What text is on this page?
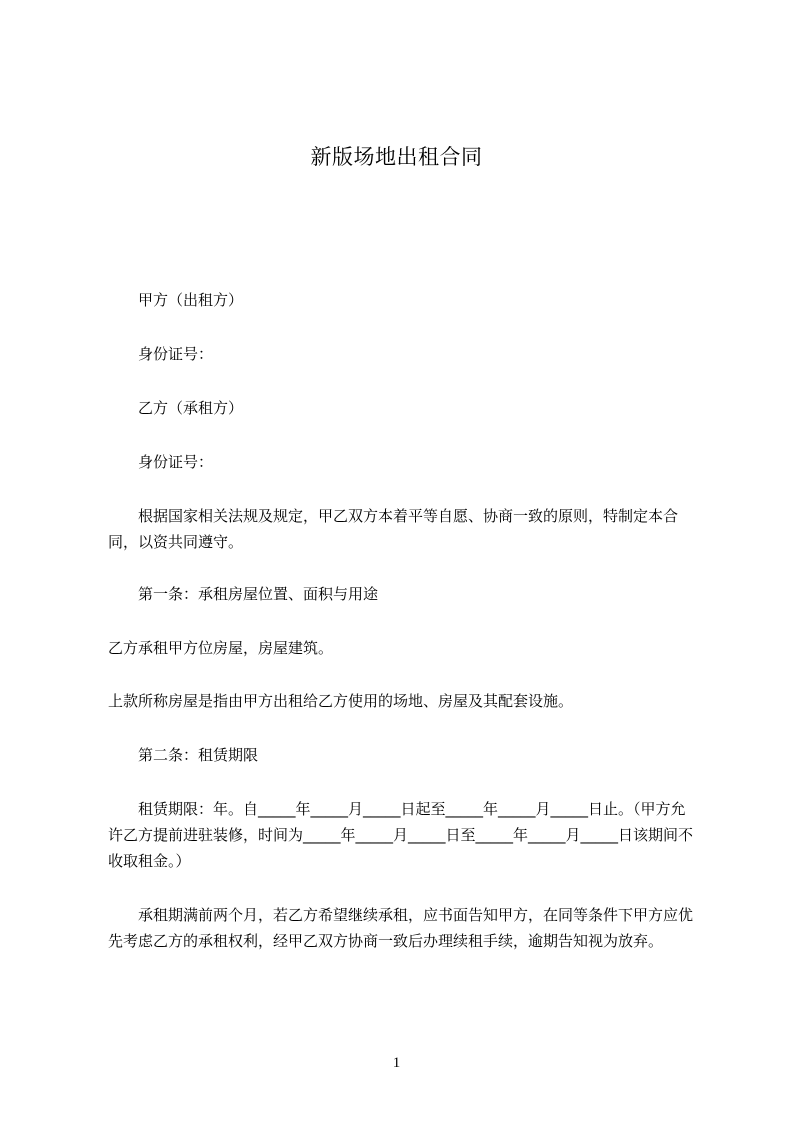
新版场地出租合同
　　甲方（出租方）
　　身份证号：
　　乙方（承租方）
　　身份证号：
　　根据国家相关法规及规定，甲乙双方本着平等自愿、协商一致的原则，特制定本合同，以资共同遵守。
　　第一条：承租房屋位置、面积与用途
乙方承租甲方位房屋，房屋建筑。
上款所称房屋是指由甲方出租给乙方使用的场地、房屋及其配套设施。
　　第二条：租赁期限
　　租赁期限：年。自_____年_____月_____日起至_____年_____月_____日止。（甲方允许乙方提前进驻装修，时间为_____年_____月_____日至_____年_____月_____日该期间不收取租金。）
　　承租期满前两个月，若乙方希望继续承租，应书面告知甲方，在同等条件下甲方应优先考虑乙方的承租权利，经甲乙双方协商一致后办理续租手续，逾期告知视为放弃。
1
